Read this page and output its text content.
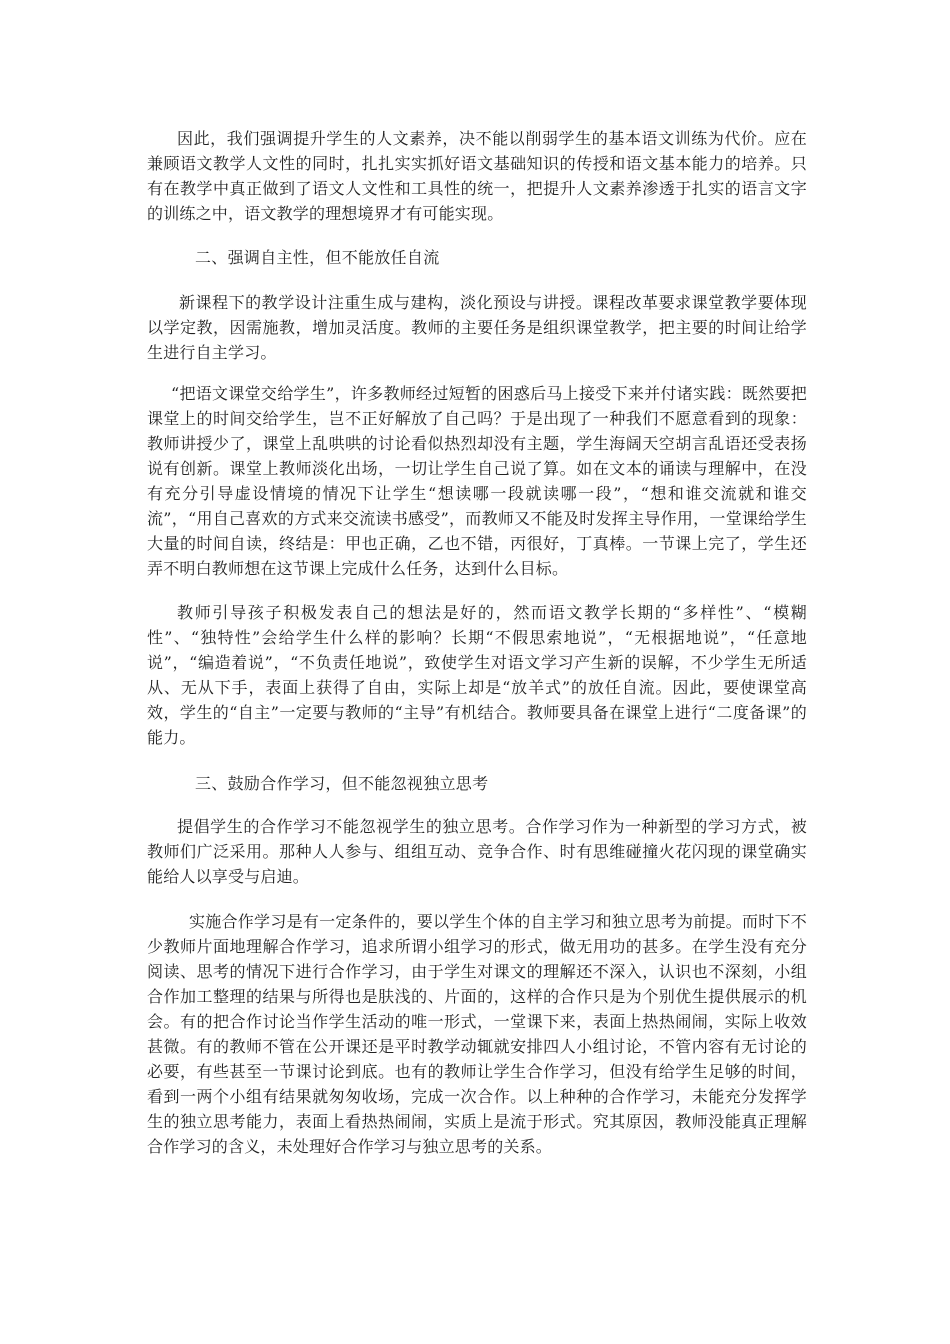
因此，我们强调提升学生的人文素养，决不能以削弱学生的基本语文训练为代价。应在兼顾语文教学人文性的同时，扎扎实实抓好语文基础知识的传授和语文基本能力的培养。只有在教学中真正做到了语文人文性和工具性的统一，把提升人文素养渗透于扎实的语言文字的训练之中，语文教学的理想境界才有可能实现。

二、强调自主性，但不能放任自流

新课程下的教学设计注重生成与建构，淡化预设与讲授。课程改革要求课堂教学要体现以学定教，因需施教，增加灵活度。教师的主要任务是组织课堂教学，把主要的时间让给学生进行自主学习。

“把语文课堂交给学生”，许多教师经过短暂的困惑后马上接受下来并付诸实践：既然要把课堂上的时间交给学生，岂不正好解放了自己吗？于是出现了一种我们不愿意看到的现象：教师讲授少了，课堂上乱哄哄的讨论看似热烈却没有主题，学生海阔天空胡言乱语还受表扬说有创新。课堂上教师淡化出场，一切让学生自己说了算。如在文本的诵读与理解中，在没有充分引导虚设情境的情况下让学生“想读哪一段就读哪一段”，“想和谁交流就和谁交流”，“用自己喜欢的方式来交流读书感受”，而教师又不能及时发挥主导作用，一堂课给学生大量的时间自读，终结是：甲也正确，乙也不错，丙很好，丁真棒。一节课上完了，学生还弄不明白教师想在这节课上完成什么任务，达到什么目标。

教师引导孩子积极发表自己的想法是好的，然而语文教学长期的“多样性”、“模糊性”、“独特性”会给学生什么样的影响？长期“不假思索地说”，“无根据地说”，“任意地说”，“编造着说”，“不负责任地说”，致使学生对语文学习产生新的误解，不少学生无所适从、无从下手，表面上获得了自由，实际上却是“放羊式”的放任自流。因此，要使课堂高效，学生的“自主”一定要与教师的“主导”有机结合。教师要具备在课堂上进行“二度备课”的能力。

三、鼓励合作学习，但不能忽视独立思考

提倡学生的合作学习不能忽视学生的独立思考。合作学习作为一种新型的学习方式，被教师们广泛采用。那种人人参与、组组互动、竞争合作、时有思维碰撞火花闪现的课堂确实能给人以享受与启迪。

实施合作学习是有一定条件的，要以学生个体的自主学习和独立思考为前提。而时下不少教师片面地理解合作学习，追求所谓小组学习的形式，做无用功的甚多。在学生没有充分阅读、思考的情况下进行合作学习，由于学生对课文的理解还不深入，认识也不深刻，小组合作加工整理的结果与所得也是肤浅的、片面的，这样的合作只是为个别优生提供展示的机会。有的把合作讨论当作学生活动的唯一形式，一堂课下来，表面上热热闹闹，实际上收效甚微。有的教师不管在公开课还是平时教学动辄就安排四人小组讨论，不管内容有无讨论的必要，有些甚至一节课讨论到底。也有的教师让学生合作学习，但没有给学生足够的时间，看到一两个小组有结果就匆匆收场，完成一次合作。以上种种的合作学习，未能充分发挥学生的独立思考能力，表面上看热热闹闹，实质上是流于形式。究其原因，教师没能真正理解合作学习的含义，未处理好合作学习与独立思考的关系。
